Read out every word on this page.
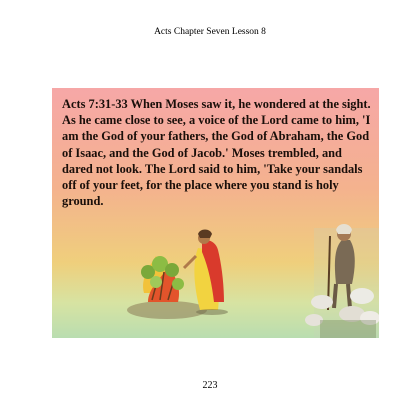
Acts Chapter Seven Lesson 8

Acts 7:31-33 When Moses saw it, he wondered at the sight. As he came close to see, a voice of the Lord came to him, 'I am the God of your fathers, the God of Abraham, the God of Isaac, and the God of Jacob.' Moses trembled, and dared not look. The Lord said to him, 'Take your sandals off of your feet, for the place where you stand is holy ground.

223
